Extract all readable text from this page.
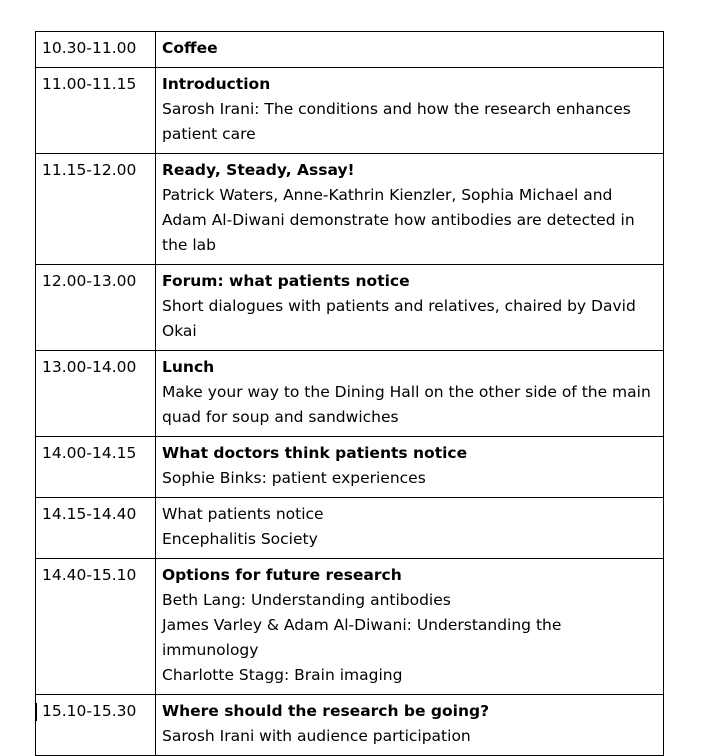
10.30-11.00	Coffee

11.00-11.15	Introduction
Sarosh Irani: The conditions and how the research enhances patient care

11.15-12.00	Ready, Steady, Assay!
Patrick Waters, Anne-Kathrin Kienzler, Sophia Michael and Adam Al-Diwani demonstrate how antibodies are detected in the lab

12.00-13.00	Forum: what patients notice
Short dialogues with patients and relatives, chaired by David Okai

13.00-14.00	Lunch
Make your way to the Dining Hall on the other side of the main quad for soup and sandwiches

14.00-14.15	What doctors think patients notice
Sophie Binks: patient experiences

14.15-14.40	What patients notice
Encephalitis Society

14.40-15.10	Options for future research
Beth Lang: Understanding antibodies
James Varley & Adam Al-Diwani: Understanding the immunology
Charlotte Stagg: Brain imaging

15.10-15.30	Where should the research be going?
Sarosh Irani with audience participation
